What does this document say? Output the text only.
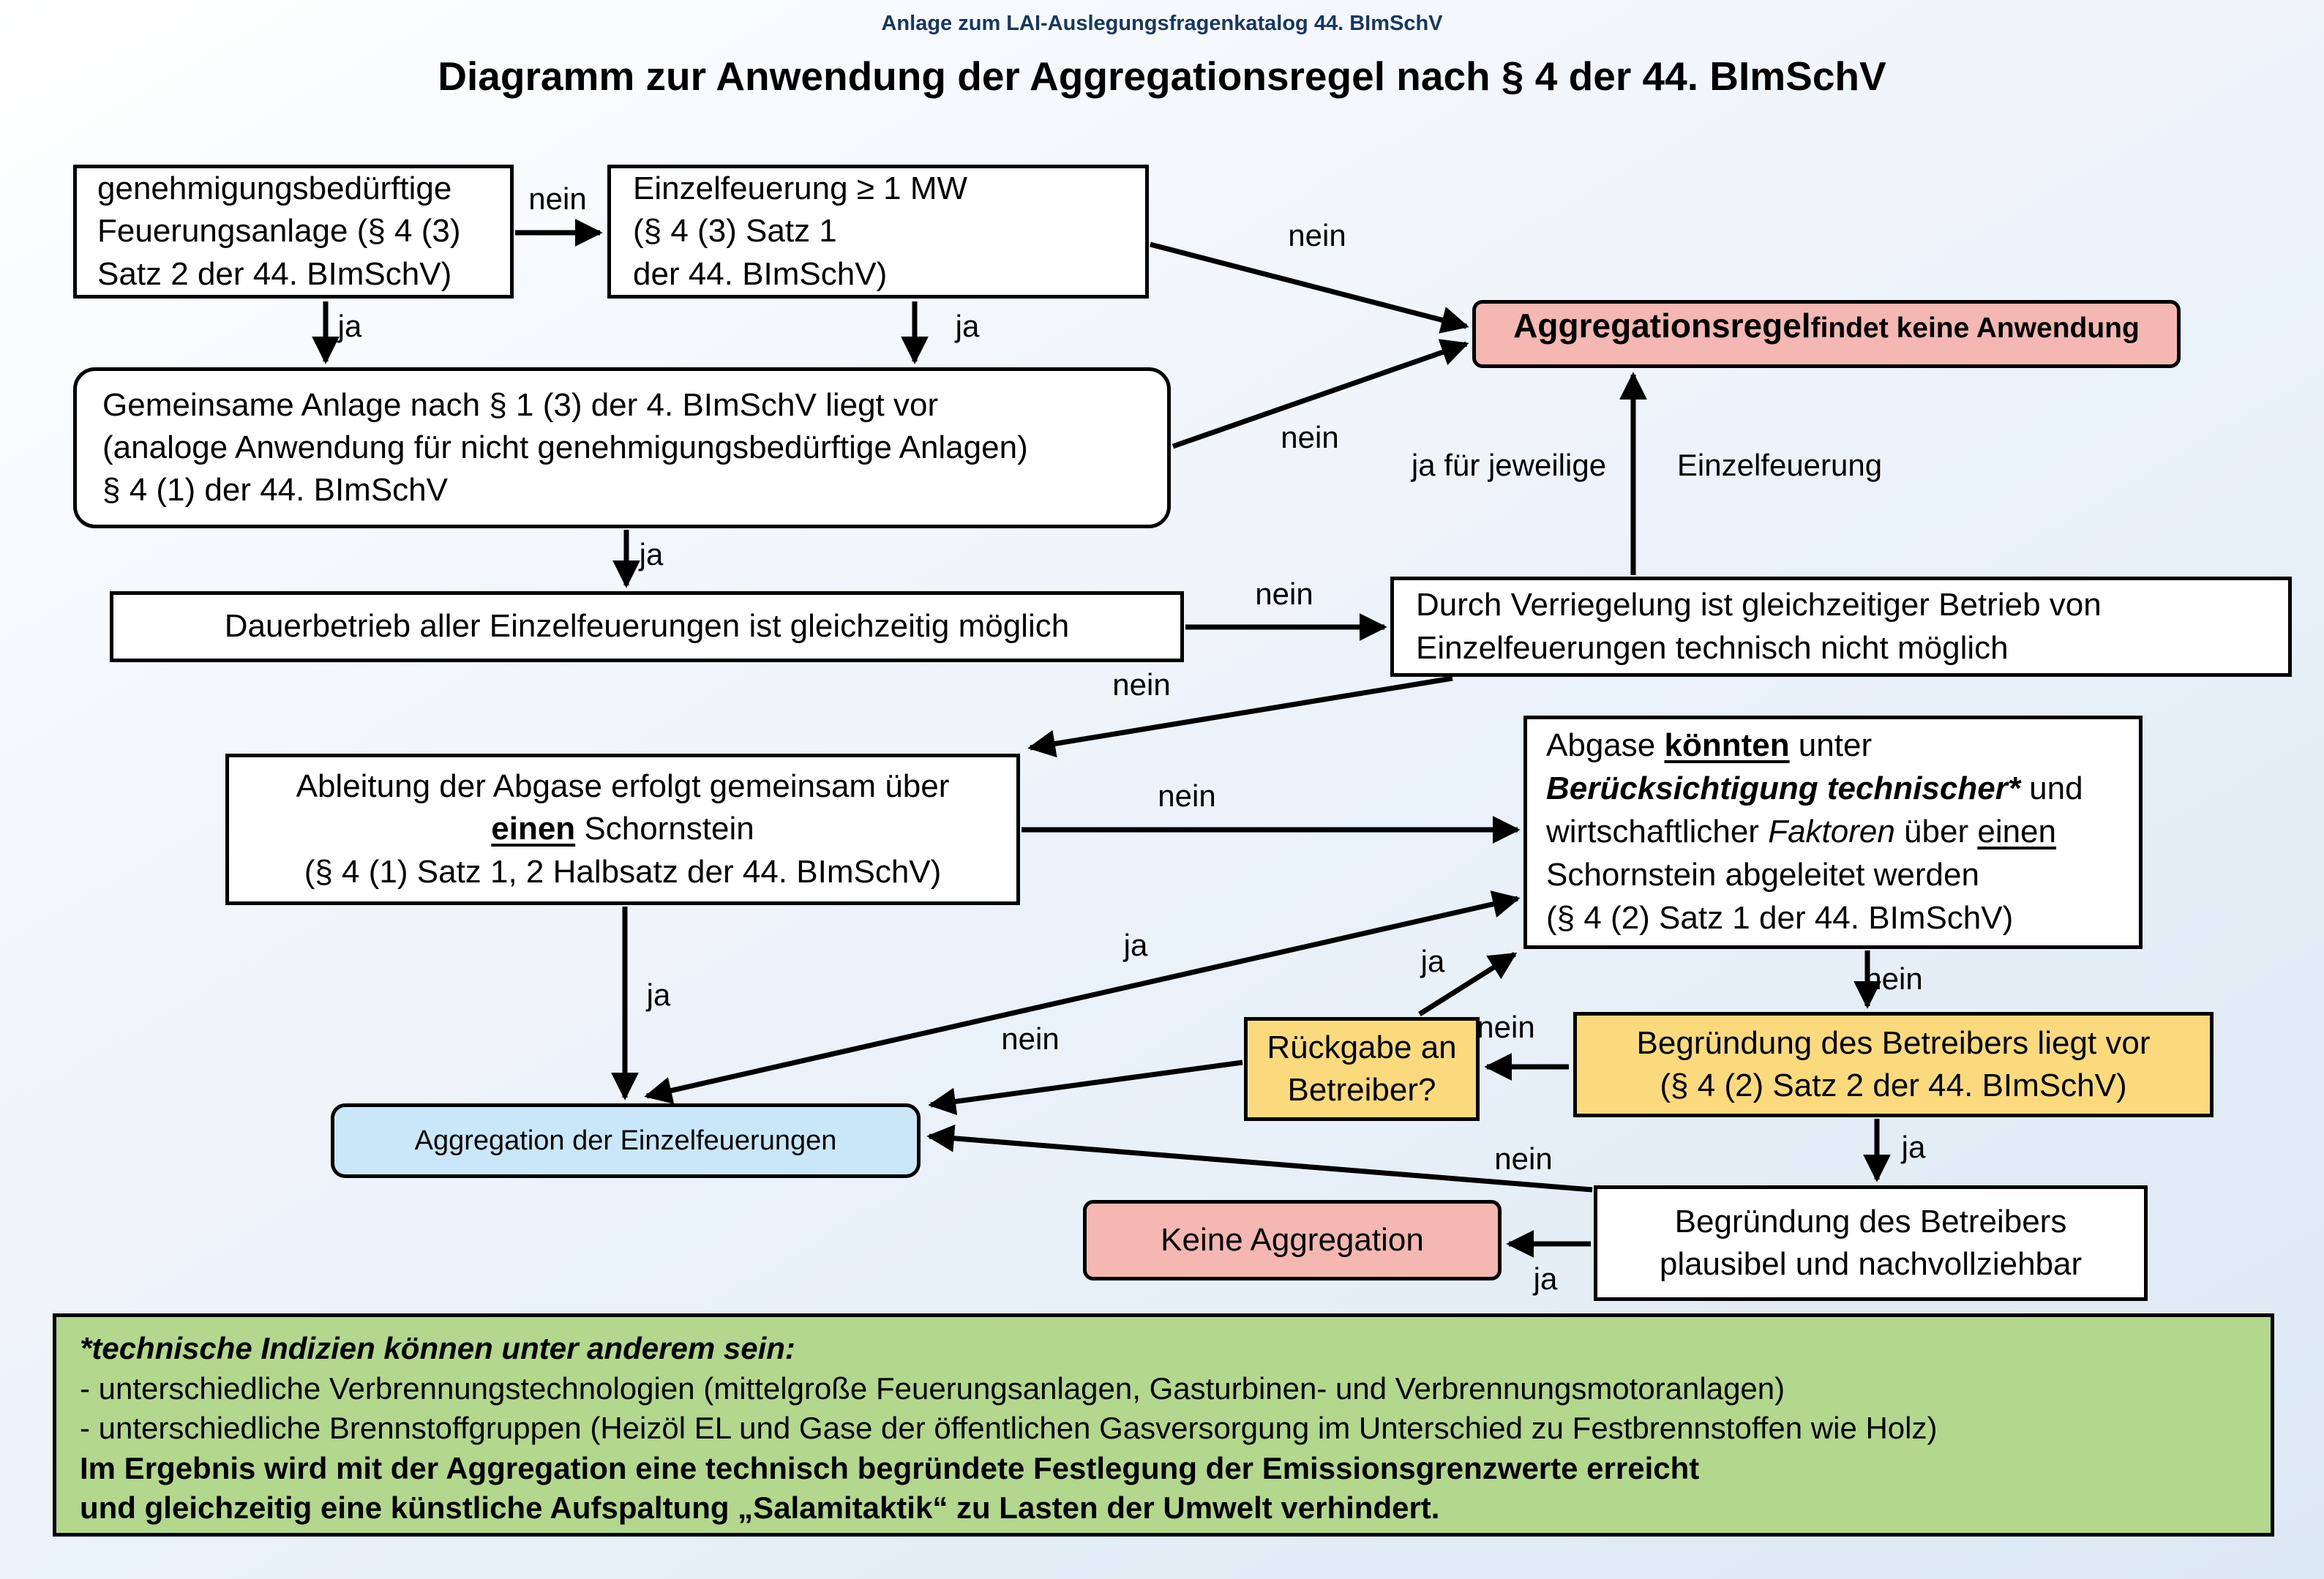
Anlage zum LAI-Auslegungsfragenkatalog 44. BImSchV
Diagramm zur Anwendung der Aggregationsregel nach § 4 der 44. BImSchV
genehmigungsbedürftige
Feuerungsanlage (§ 4 (3)
Satz 2 der 44. BImSchV)
Einzelfeuerung ≥ 1 MW
(§ 4 (3) Satz 1
der 44. BImSchV)
Aggregationsregel findet keine Anwendung
Gemeinsame Anlage nach § 1 (3) der 4. BImSchV liegt vor
(analoge Anwendung für nicht genehmigungsbedürftige Anlagen)
§ 4 (1) der 44. BImSchV
Dauerbetrieb aller Einzelfeuerungen ist gleichzeitig möglich
Durch Verriegelung ist gleichzeitiger Betrieb von
Einzelfeuerungen technisch nicht möglich
Ableitung der Abgase erfolgt gemeinsam über
einen Schornstein
(§ 4 (1) Satz 1, 2 Halbsatz der 44. BImSchV)
Abgase könnten unter
Berücksichtigung technischer* und
wirtschaftlicher Faktoren über einen
Schornstein abgeleitet werden
(§ 4 (2) Satz 1 der 44. BImSchV)
Begründung des Betreibers liegt vor
(§ 4 (2) Satz 2 der 44. BImSchV)
Rückgabe an
Betreiber?
Aggregation der Einzelfeuerungen
Keine Aggregation
Begründung des Betreibers
plausibel und nachvollziehbar
*technische Indizien können unter anderem sein:
- unterschiedliche Verbrennungstechnologien (mittelgroße Feuerungsanlagen, Gasturbinen- und Verbrennungsmotoranlagen)
- unterschiedliche Brennstoffgruppen (Heizöl EL und Gase der öffentlichen Gasversorgung im Unterschied zu Festbrennstoffen wie Holz)
Im Ergebnis wird mit der Aggregation eine technisch begründete Festlegung der Emissionsgrenzwerte erreicht
und gleichzeitig eine künstliche Aufspaltung „Salamitaktik“ zu Lasten der Umwelt verhindert.
nein
ja	ja
nein
nein
ja
nein
ja für jeweilige Einzelfeuerung
nein
nein
ja
ja
nein
ja
nein
nein
ja
nein
ja
